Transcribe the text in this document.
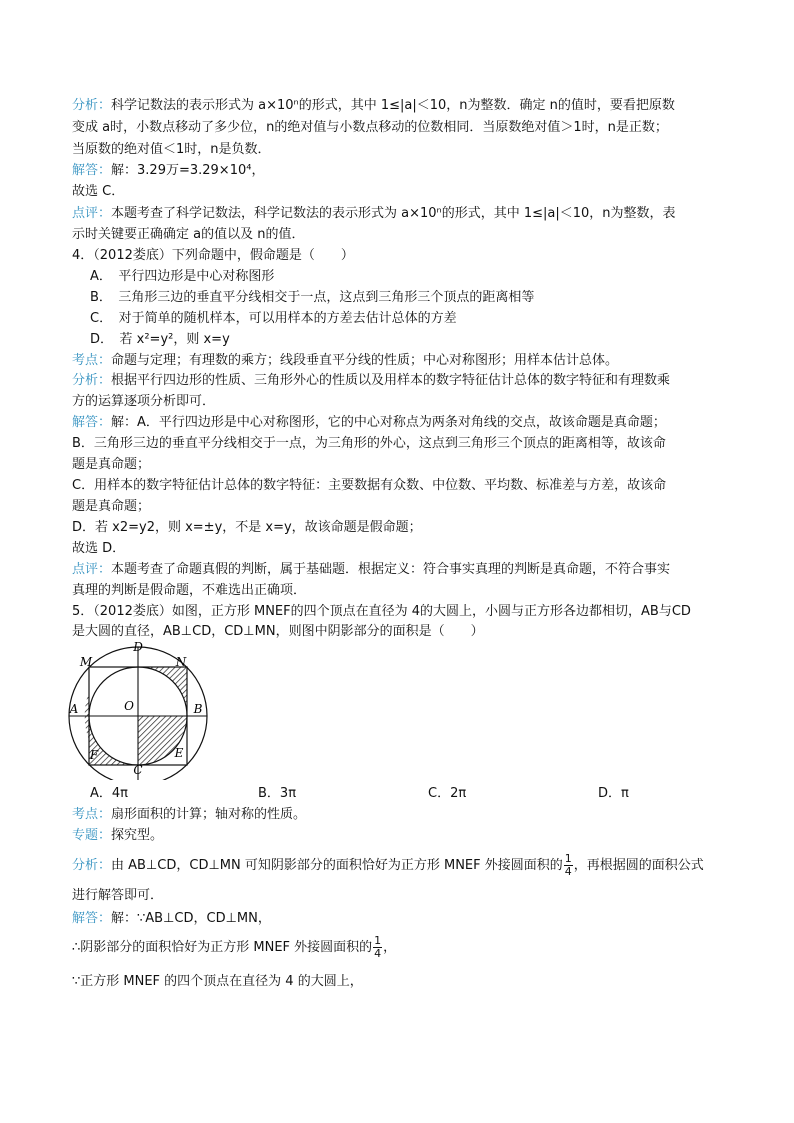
分析：科学记数法的表示形式为 a×10ⁿ的形式，其中 1≤|a|＜10，n为整数．确定 n的值时，要看把原数
变成 a时，小数点移动了多少位，n的绝对值与小数点移动的位数相同．当原数绝对值＞1时，n是正数；
当原数的绝对值＜1时，n是负数．
解答：解：3.29万=3.29×10⁴，
故选 C．
点评：本题考查了科学记数法，科学记数法的表示形式为 a×10ⁿ的形式，其中 1≤|a|＜10，n为整数，表
示时关键要正确确定 a的值以及 n的值．
4．（2012娄底）下列命题中，假命题是（　　）
A．　平行四边形是中心对称图形
B．　三角形三边的垂直平分线相交于一点，这点到三角形三个顶点的距离相等
C．　对于简单的随机样本，可以用样本的方差去估计总体的方差
D．　若 x²=y²，则 x=y
考点：命题与定理；有理数的乘方；线段垂直平分线的性质；中心对称图形；用样本估计总体。
分析：根据平行四边形的性质、三角形外心的性质以及用样本的数字特征估计总体的数字特征和有理数乘
方的运算逐项分析即可．
解答：解：A．平行四边形是中心对称图形，它的中心对称点为两条对角线的交点，故该命题是真命题；
B．三角形三边的垂直平分线相交于一点，为三角形的外心，这点到三角形三个顶点的距离相等，故该命
题是真命题；
C．用样本的数字特征估计总体的数字特征：主要数据有众数、中位数、平均数、标准差与方差，故该命
题是真命题；
D．若 x2=y2，则 x=±y，不是 x=y，故该命题是假命题；
故选 D．
点评：本题考查了命题真假的判断，属于基础题．根据定义：符合事实真理的判断是真命题，不符合事实
真理的判断是假命题，不难选出正确项．
5．（2012娄底）如图，正方形 MNEF的四个顶点在直径为 4的大圆上，小圆与正方形各边都相切，AB与CD
是大圆的直径，AB⊥CD，CD⊥MN，则图中阴影部分的面积是（　　）
M
D
N
A	O	B
F	E
C
A．4π	B．3π	C．2π	D．π
考点：扇形面积的计算；轴对称的性质。
专题：探究型。
分析：由 AB⊥CD，CD⊥MN 可知阴影部分的面积恰好为正方形 MNEF 外接圆面积的 $\frac{1}{4}$ ，再根据圆的面积公式
进行解答即可．
解答：解：∵AB⊥CD，CD⊥MN，
∴阴影部分的面积恰好为正方形 MNEF 外接圆面积的 $\frac{1}{4}$ ，
∵正方形 MNEF 的四个顶点在直径为 4 的大圆上，
